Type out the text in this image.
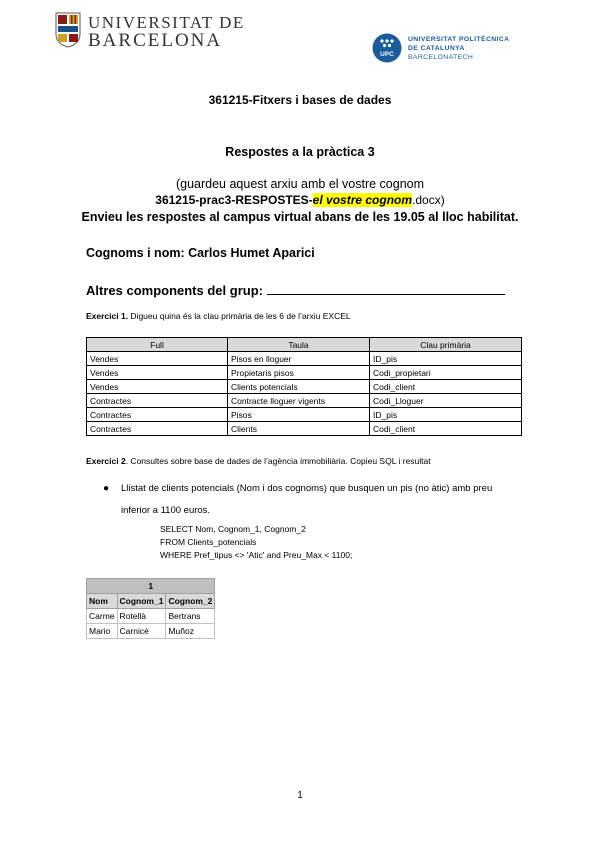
UNIVERSITAT DE
BARCELONA
UPC
UNIVERSITAT POLITÈCNICA
DE CATALUNYA
BARCELONATECH
361215-Fitxers i bases de dades
Respostes a la pràctica 3
(guardeu aquest arxiu amb el vostre cognom
361215-prac3-RESPOSTES-el vostre cognom.docx)
Envieu les respostes al campus virtual abans de les 19.05 al lloc habilitat.
Cognoms i nom: Carlos Humet Aparici
Altres components del grup:
Exercici 1. Digueu quina és la clau primària de les 6 de l’arxiu EXCEL
Full	Taula	Clau primària
Vendes	Pisos en lloguer	ID_pis
Vendes	Propietaris pisos	Codi_propietari
Vendes	Clients potencials	Codi_client
Contractes	Contracte lloguer vigents	Codi_Lloguer
Contractes	Pisos	ID_pis
Contractes	Clients	Codi_client
Exercici 2. Consultes sobre base de dades de l’agència immobiliària. Copieu SQL i resultat
● Llistat de clients potencials (Nom i dos cognoms) que busquen un pis (no àtic) amb preu inferior a 1100 euros.
SELECT Nom, Cognom_1, Cognom_2
FROM Clients_potencials
WHERE Pref_tipus <> 'Atic' and Preu_Max < 1100;
1		
Nom	Cognom_1	Cognom_2
Carme	Rotellà	Bertrans
Mario	Carnicé	Muñoz
1
